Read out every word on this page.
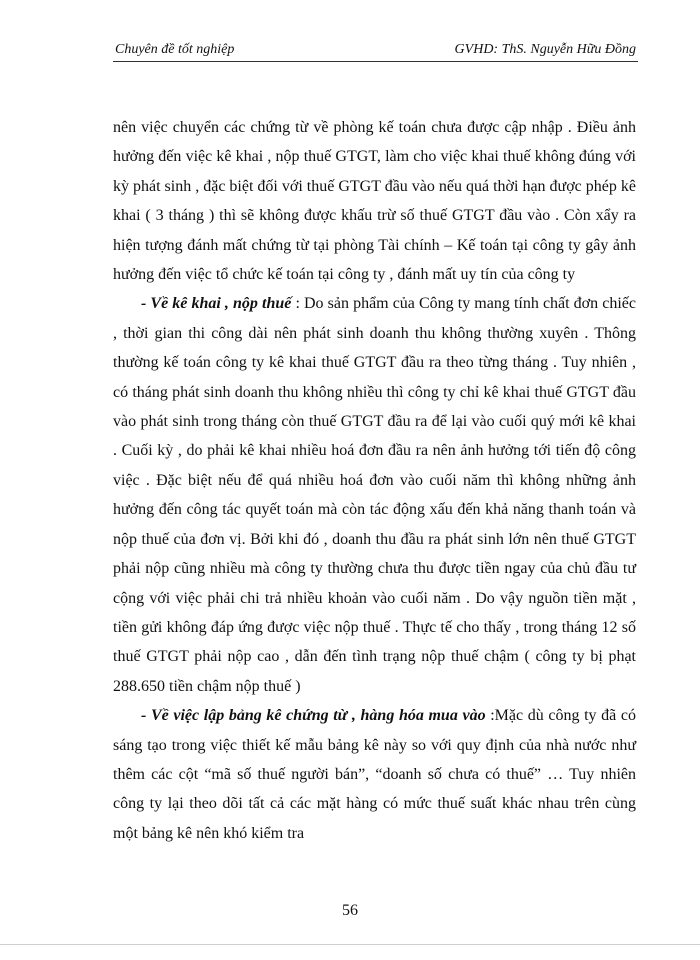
Chuyên đề tốt nghiệp	GVHD: ThS. Nguyễn Hữu Đồng

nên việc chuyển các chứng từ về phòng kế toán chưa được cập nhập . Điều ảnh hưởng đến việc kê khai , nộp thuế GTGT, làm cho việc khai thuế không đúng với kỳ phát sinh , đặc biệt đối với thuế GTGT đầu vào nếu quá thời hạn được phép kê khai ( 3 tháng ) thì sẽ không được khấu trừ số thuế GTGT đầu vào . Còn xẩy ra hiện tượng đánh mất chứng từ tại phòng Tài chính – Kế toán tại công ty gây ảnh hưởng đến việc tổ chức kế toán tại công ty , đánh mất uy tín của công ty

- Về kê khai , nộp thuế : Do sản phẩm của Công ty mang tính chất đơn chiếc , thời gian thi công dài nên phát sinh doanh thu không thường xuyên . Thông thường kế toán công ty kê khai thuế GTGT đầu ra theo từng tháng . Tuy nhiên , có tháng phát sinh doanh thu không nhiều thì công ty chỉ kê khai thuế GTGT đầu vào phát sinh trong tháng còn thuế GTGT đầu ra để lại vào cuối quý mới kê khai . Cuối kỳ , do phải kê khai nhiều hoá đơn đầu ra nên ảnh hưởng tới tiến độ công việc . Đặc biệt nếu để quá nhiều hoá đơn vào cuối năm thì không những ảnh hưởng đến công tác quyết toán mà còn tác động xấu đến khả năng thanh toán và nộp thuế của đơn vị. Bởi khi đó , doanh thu đầu ra phát sinh lớn nên thuế GTGT phải nộp cũng nhiều mà công ty thường chưa thu được tiền ngay của chủ đầu tư cộng với việc phải chi trả nhiều khoản vào cuối năm . Do vậy nguồn tiền mặt , tiền gửi không đáp ứng được việc nộp thuế . Thực tế cho thấy , trong tháng 12 số thuế GTGT phải nộp cao , dẫn đến tình trạng nộp thuế chậm ( công ty bị phạt 288.650 tiền chậm nộp thuế )

- Về việc lập bảng kê chứng từ , hàng hóa mua vào :Mặc dù công ty đã có sáng tạo trong việc thiết kế mẫu bảng kê này so với quy định của nhà nước như thêm các cột “mã số thuế người bán”, “doanh số chưa có thuế” … Tuy nhiên công ty lại theo dõi tất cả các mặt hàng có mức thuế suất khác nhau trên cùng một bảng kê nên khó kiểm tra

56
